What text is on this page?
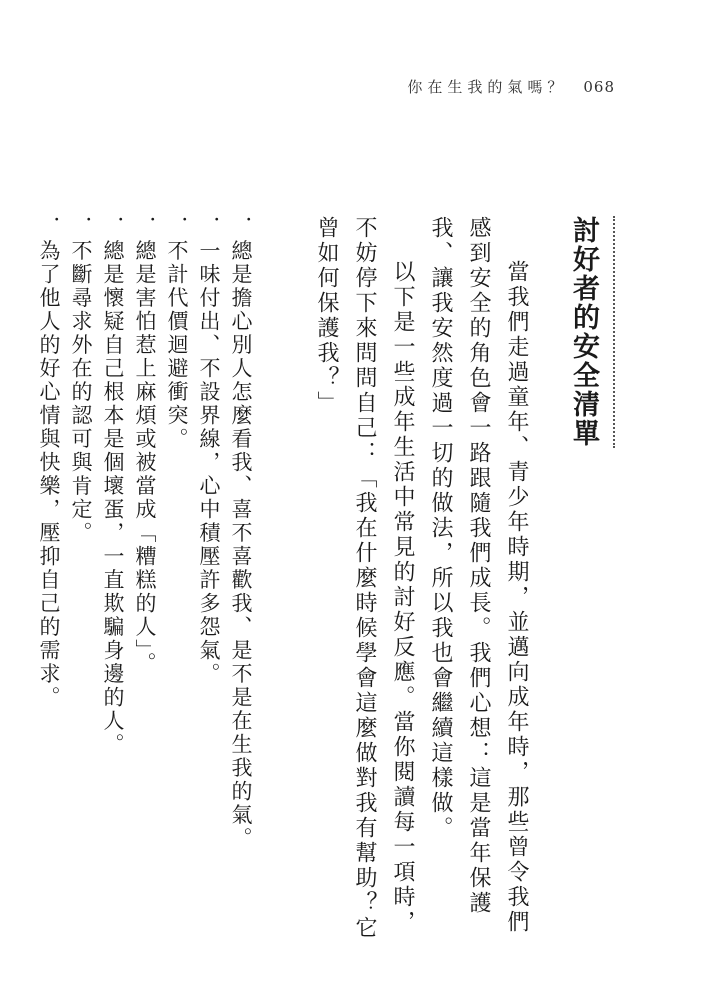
你在生我的氣嗎？ 068
討好者的安全清單

當我們走過童年、青少年時期，並邁向成年時，那些曾令我們感到安全的角色會一路跟隨我們成長。我們心想：這是當年保護我、讓我安然度過一切的做法，所以我也會繼續這樣做。

以下是一些成年生活中常見的討好反應。當你閱讀每一項時，不妨停下來問問自己：「我在什麼時候學會這麼做對我有幫助？它曾如何保護我？」

．總是擔心別人怎麼看我、喜不喜歡我、是不是在生我的氣。
．一味付出、不設界線，心中積壓許多怨氣。
．不計代價迴避衝突。
．總是害怕惹上麻煩或被當成「糟糕的人」。
．總是懷疑自己根本是個壞蛋，一直欺騙身邊的人。
．不斷尋求外在的認可與肯定。
．為了他人的好心情與快樂，壓抑自己的需求。
